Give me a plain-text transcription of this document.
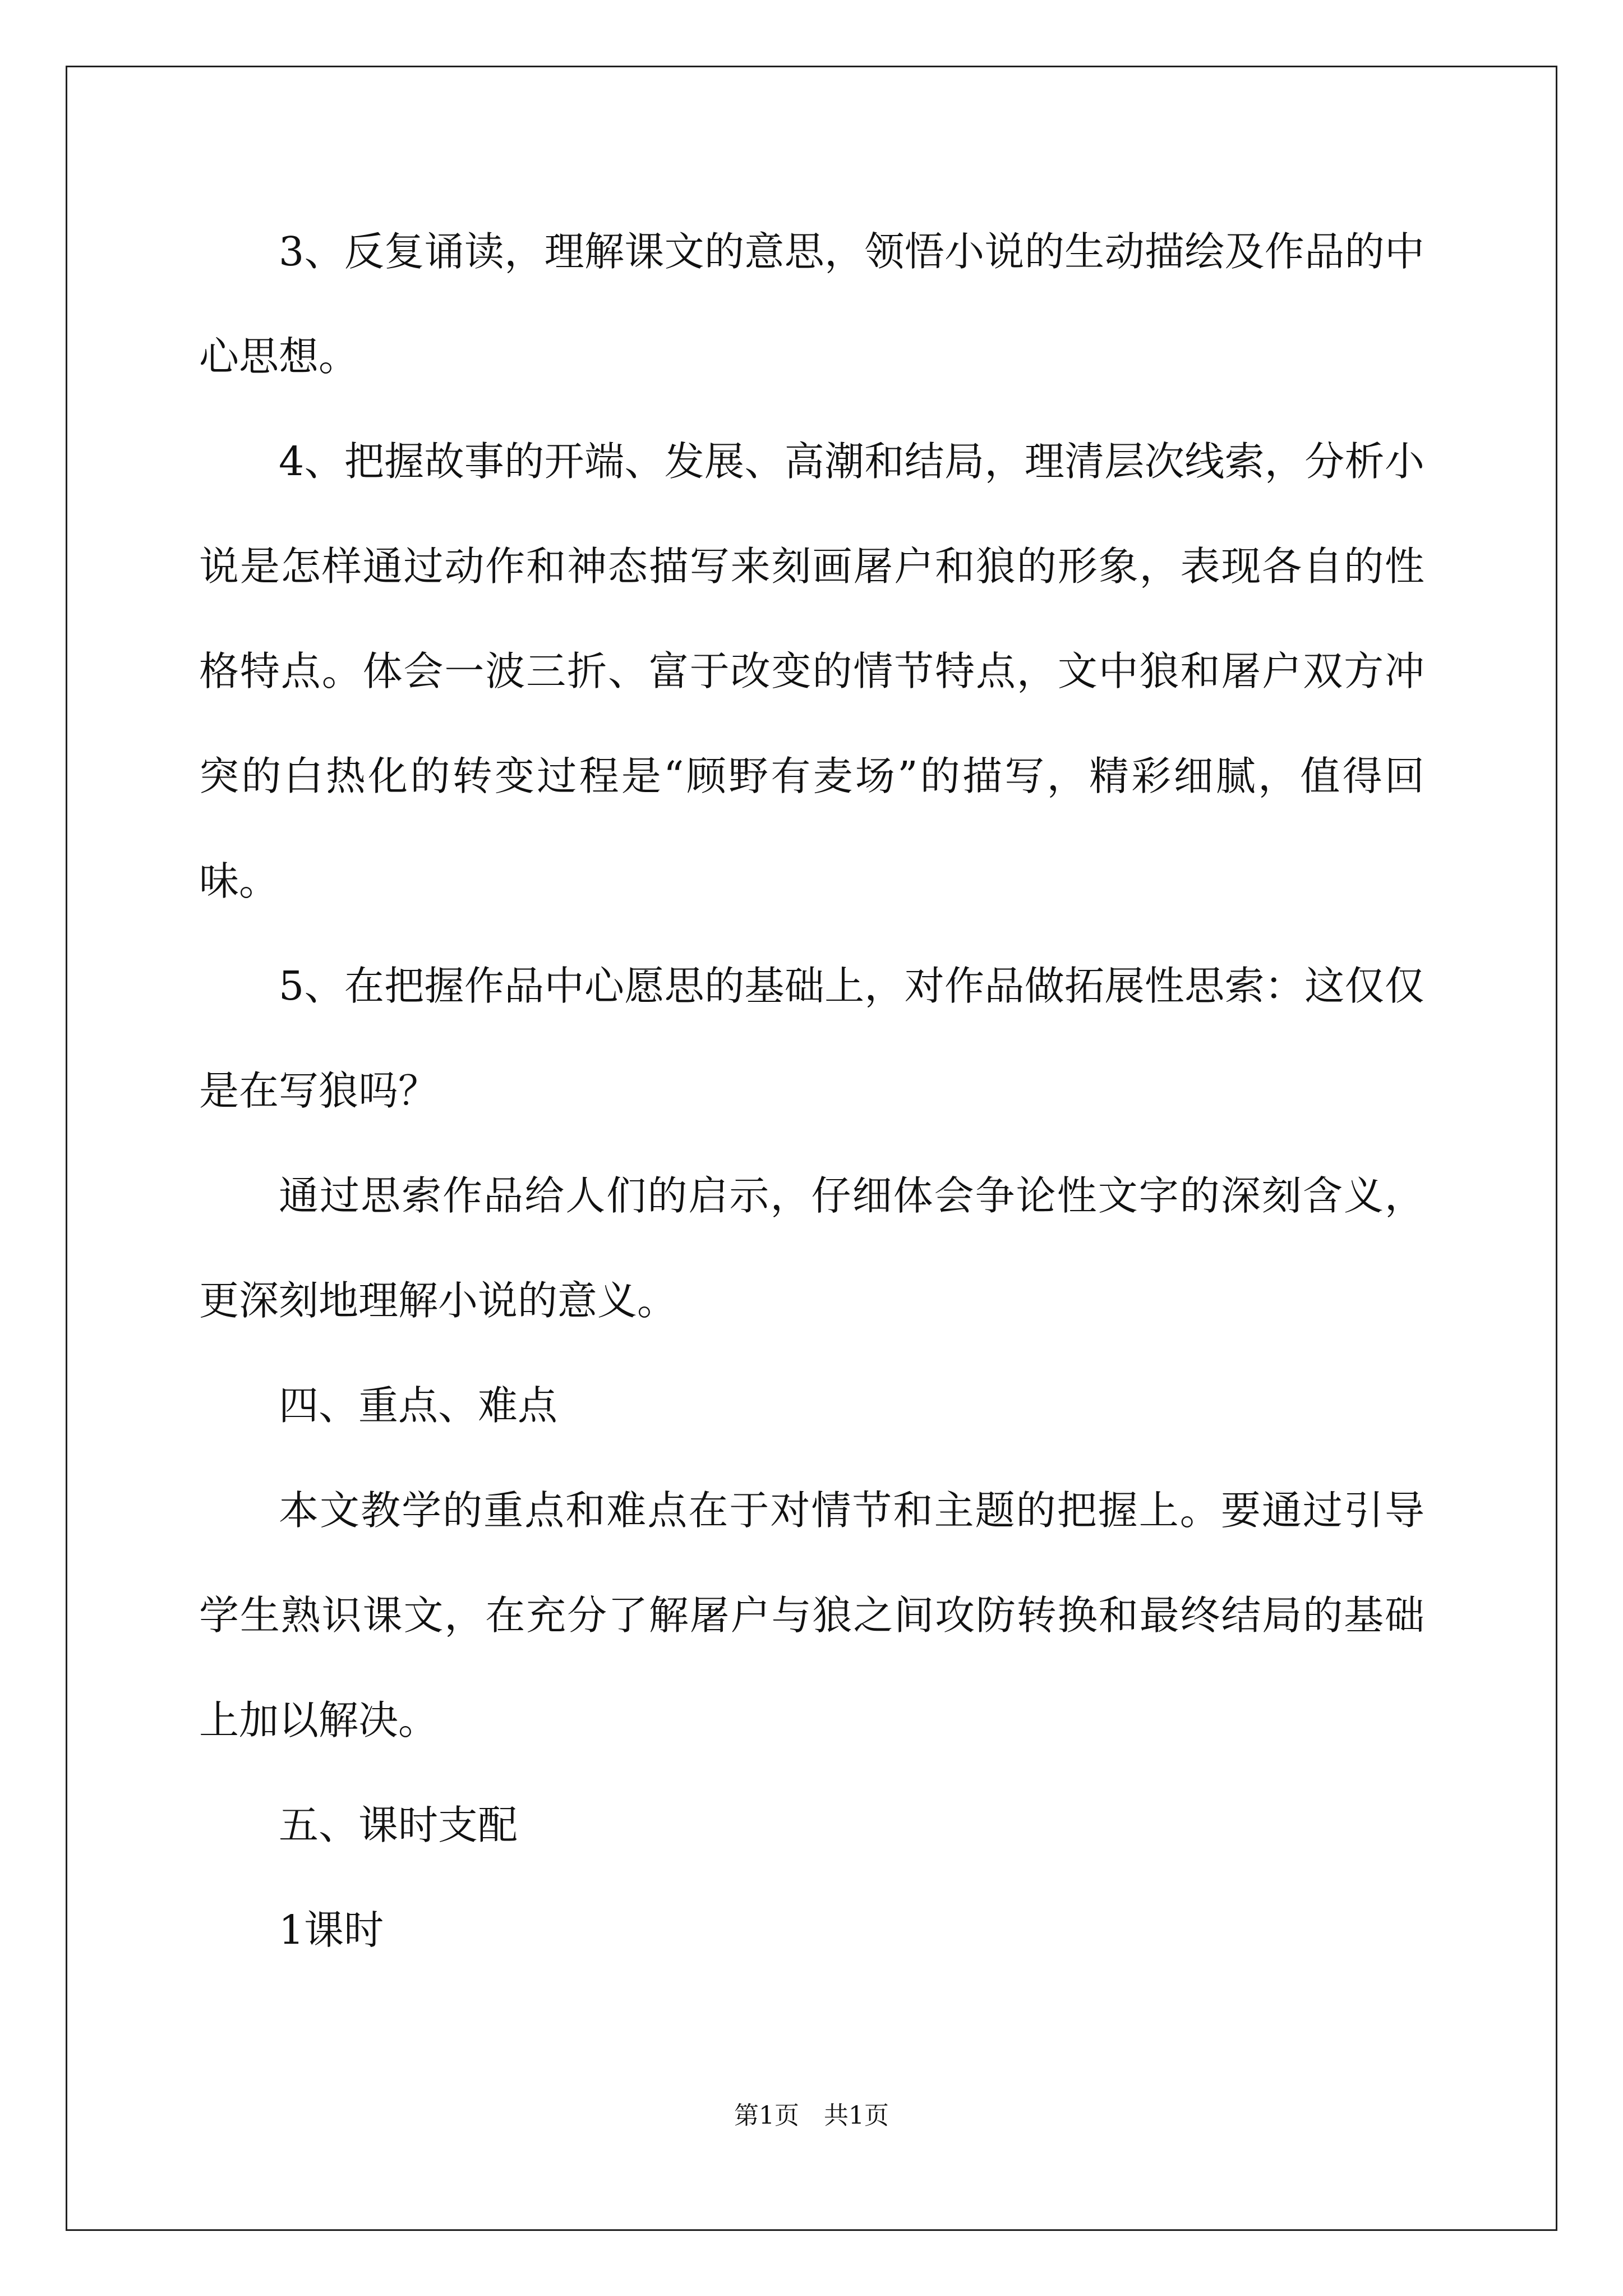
3、反复诵读，理解课文的意思，领悟小说的生动描绘及作品的中心思想。

4、把握故事的开端、发展、高潮和结局，理清层次线索，分析小说是怎样通过动作和神态描写来刻画屠户和狼的形象，表现各自的性格特点。体会一波三折、富于改变的情节特点，文中狼和屠户双方冲突的白热化的转变过程是“顾野有麦场”的描写，精彩细腻，值得回味。

5、在把握作品中心愿思的基础上，对作品做拓展性思索：这仅仅是在写狼吗？

通过思索作品给人们的启示，仔细体会争论性文字的深刻含义，更深刻地理解小说的意义。

四、重点、难点

本文教学的重点和难点在于对情节和主题的把握上。要通过引导学生熟识课文，在充分了解屠户与狼之间攻防转换和最终结局的基础上加以解决。

五、课时支配

1课时

第1页　共1页
